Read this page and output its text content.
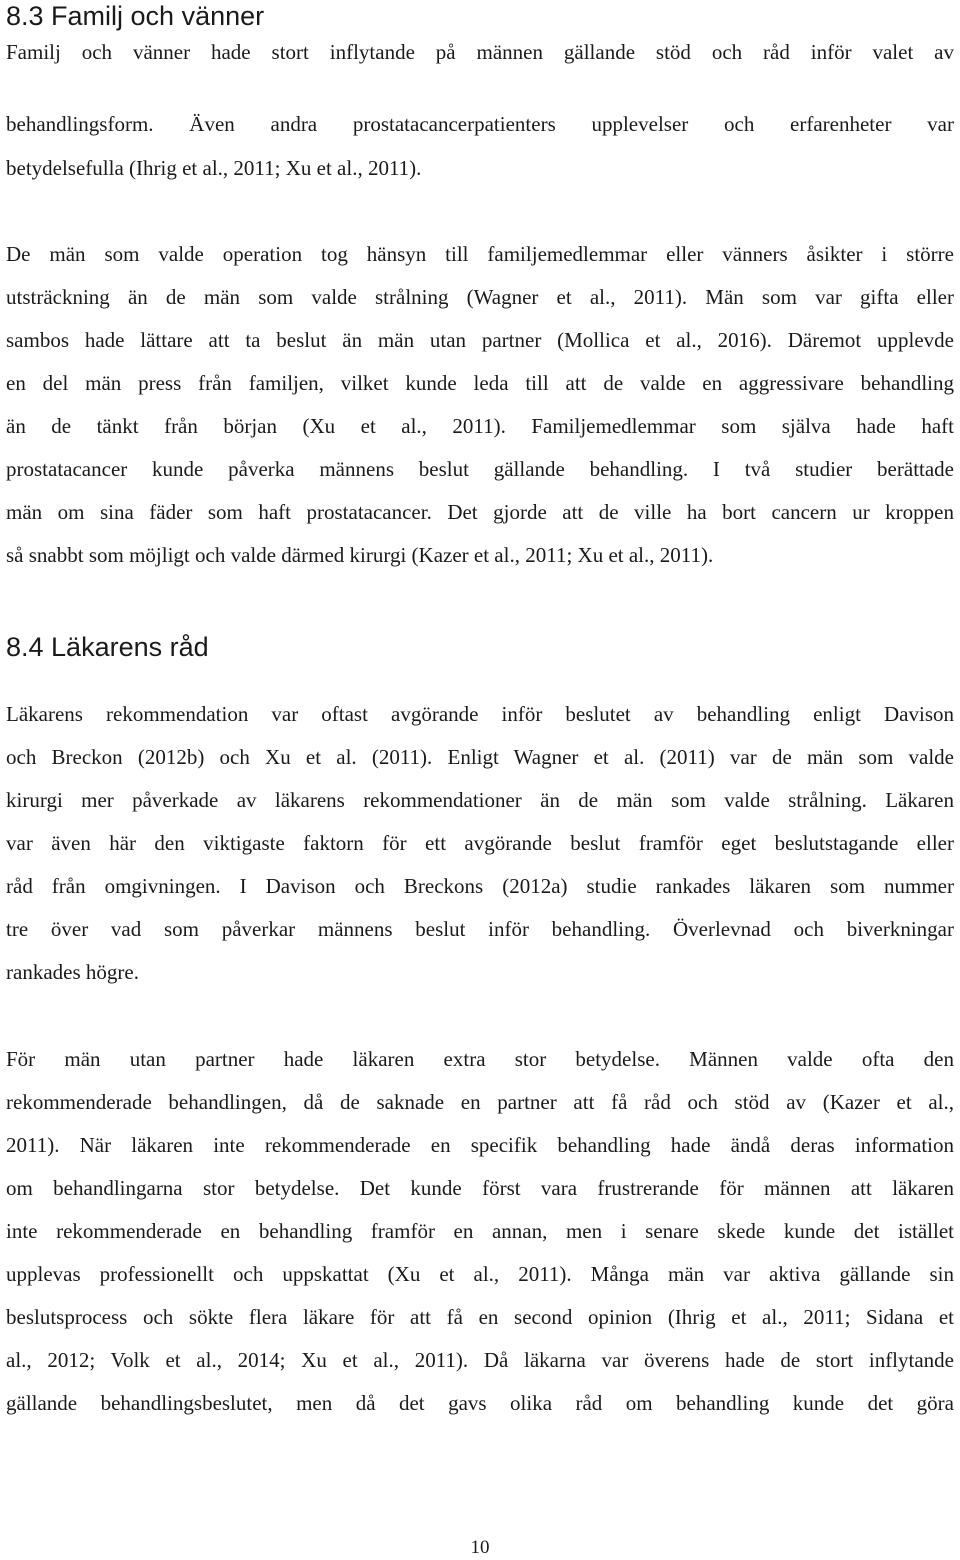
8.3 Familj och vänner
Familj och vänner hade stort inflytande på männen gällande stöd och råd inför valet av
behandlingsform. Även andra prostatacancerpatienters upplevelser och erfarenheter var
betydelsefulla (Ihrig et al., 2011; Xu et al., 2011).
De män som valde operation tog hänsyn till familjemedlemmar eller vänners åsikter i större
utsträckning än de män som valde strålning (Wagner et al., 2011). Män som var gifta eller
sambos hade lättare att ta beslut än män utan partner (Mollica et al., 2016). Däremot upplevde
en del män press från familjen, vilket kunde leda till att de valde en aggressivare behandling
än de tänkt från början (Xu et al., 2011). Familjemedlemmar som själva hade haft
prostatacancer kunde påverka männens beslut gällande behandling. I två studier berättade
män om sina fäder som haft prostatacancer. Det gjorde att de ville ha bort cancern ur kroppen
så snabbt som möjligt och valde därmed kirurgi (Kazer et al., 2011; Xu et al., 2011).
8.4 Läkarens råd
Läkarens rekommendation var oftast avgörande inför beslutet av behandling enligt Davison
och Breckon (2012b) och Xu et al. (2011). Enligt Wagner et al. (2011) var de män som valde
kirurgi mer påverkade av läkarens rekommendationer än de män som valde strålning. Läkaren
var även här den viktigaste faktorn för ett avgörande beslut framför eget beslutstagande eller
råd från omgivningen. I Davison och Breckons (2012a) studie rankades läkaren som nummer
tre över vad som påverkar männens beslut inför behandling. Överlevnad och biverkningar
rankades högre.
För män utan partner hade läkaren extra stor betydelse. Männen valde ofta den
rekommenderade behandlingen, då de saknade en partner att få råd och stöd av (Kazer et al.,
2011). När läkaren inte rekommenderade en specifik behandling hade ändå deras information
om behandlingarna stor betydelse. Det kunde först vara frustrerande för männen att läkaren
inte rekommenderade en behandling framför en annan, men i senare skede kunde det istället
upplevas professionellt och uppskattat (Xu et al., 2011). Många män var aktiva gällande sin
beslutsprocess och sökte flera läkare för att få en second opinion (Ihrig et al., 2011; Sidana et
al., 2012; Volk et al., 2014; Xu et al., 2011). Då läkarna var överens hade de stort inflytande
gällande behandlingsbeslutet, men då det gavs olika råd om behandling kunde det göra
10
